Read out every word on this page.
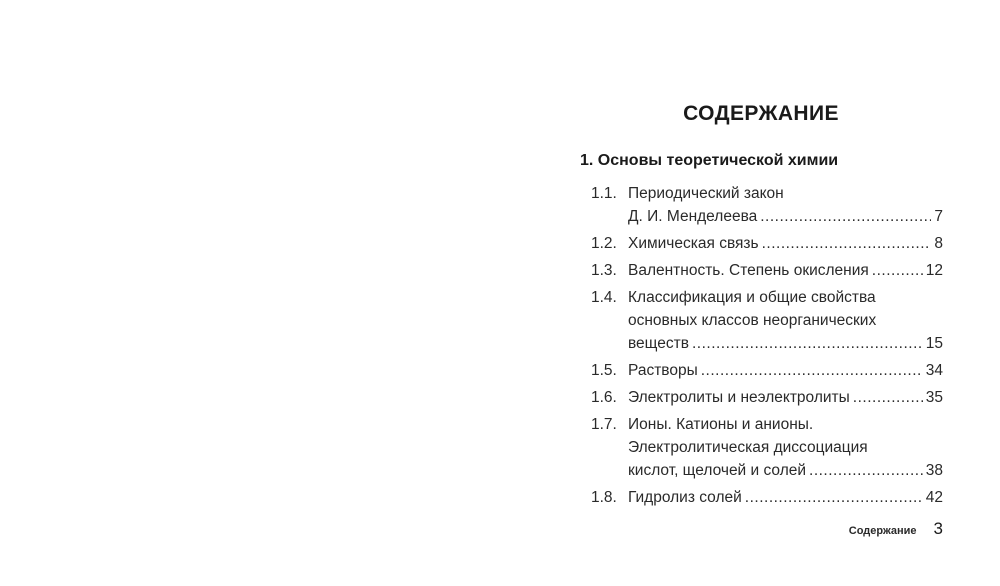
СОДЕРЖАНИЕ
1. Основы теоретической химии
1.1. Периодический закон
Д. И. Менделеева .....	7
1.2. Химическая связь .....	8
1.3. Валентность. Степень окисления .....	12
1.4. Классификация и общие свойства
основных классов неорганических
веществ .....	15
1.5. Растворы .....	34
1.6. Электролиты и неэлектролиты .....	35
1.7. Ионы. Катионы и анионы.
Электролитическая диссоциация
кислот, щелочей и солей .....	38
1.8. Гидролиз солей .....	42
Содержание 3
